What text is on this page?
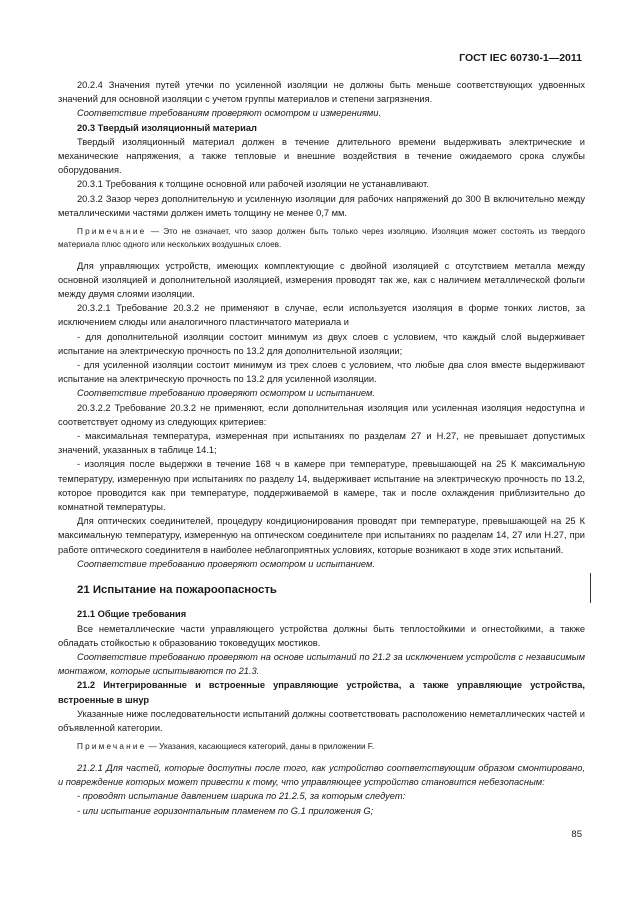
ГОСТ IEC 60730-1—2011

20.2.4 Значения путей утечки по усиленной изоляции не должны быть меньше соответствующих удвоенных значений для основной изоляции с учетом группы материалов и степени загрязнения.

Соответствие требованиям проверяют осмотром и измерениями.

20.3 Твердый изоляционный материал

Твердый изоляционный материал должен в течение длительного времени выдерживать электрические и механические напряжения, а также тепловые и внешние воздействия в течение ожидаемого срока службы оборудования.

20.3.1 Требования к толщине основной или рабочей изоляции не устанавливают.

20.3.2 Зазор через дополнительную и усиленную изоляции для рабочих напряжений до 300 В включительно между металлическими частями должен иметь толщину не менее 0,7 мм.

Примечание — Это не означает, что зазор должен быть только через изоляцию. Изоляция может состоять из твердого материала плюс одного или нескольких воздушных слоев.

Для управляющих устройств, имеющих комплектующие с двойной изоляцией с отсутствием металла между основной изоляцией и дополнительной изоляцией, измерения проводят так же, как с наличием металлической фольги между двумя слоями изоляции.

20.3.2.1 Требование 20.3.2 не применяют в случае, если используется изоляция в форме тонких листов, за исключением слюды или аналогичного пластинчатого материала и

- для дополнительной изоляции состоит минимум из двух слоев с условием, что каждый слой выдерживает испытание на электрическую прочность по 13.2 для дополнительной изоляции;

- для усиленной изоляции состоит минимум из трех слоев с условием, что любые два слоя вместе выдерживают испытание на электрическую прочность по 13.2 для усиленной изоляции.

Соответствие требованию проверяют осмотром и испытанием.

20.3.2.2 Требование 20.3.2 не применяют, если дополнительная изоляция или усиленная изоляция недоступна и соответствует одному из следующих критериев:

- максимальная температура, измеренная при испытаниях по разделам 27 и Н.27, не превышает допустимых значений, указанных в таблице 14.1;

- изоляция после выдержки в течение 168 ч в камере при температуре, превышающей на 25 К максимальную температуру, измеренную при испытаниях по разделу 14, выдерживает испытание на электрическую прочность по 13.2, которое проводится как при температуре, поддерживаемой в камере, так и после охлаждения приблизительно до комнатной температуры.

Для оптических соединителей, процедуру кондиционирования проводят при температуре, превышающей на 25 К максимальную температуру, измеренную на оптическом соединителе при испытаниях по разделам 14, 27 или Н.27, при работе оптического соединителя в наиболее неблагоприятных условиях, которые возникают в ходе этих испытаний.

Соответствие требованию проверяют осмотром и испытанием.

21 Испытание на пожароопасность

21.1 Общие требования

Все неметаллические части управляющего устройства должны быть теплостойкими и огнестойкими, а также обладать стойкостью к образованию токоведущих мостиков.

Соответствие требованию проверяют на основе испытаний по 21.2 за исключением устройств с независимым монтажом, которые испытываются по 21.3.

21.2 Интегрированные и встроенные управляющие устройства, а также управляющие устройства, встроенные в шнур

Указанные ниже последовательности испытаний должны соответствовать расположению неметаллических частей и объявленной категории.

Примечание — Указания, касающиеся категорий, даны в приложении F.

21.2.1 Для частей, которые доступны после того, как устройство соответствующим образом смонтировано, и повреждение которых может привести к тому, что управляющее устройство становится небезопасным:

- проводят испытание давлением шарика по 21.2.5, за которым следует:

- или испытание горизонтальным пламенем по G.1 приложения G;

85
